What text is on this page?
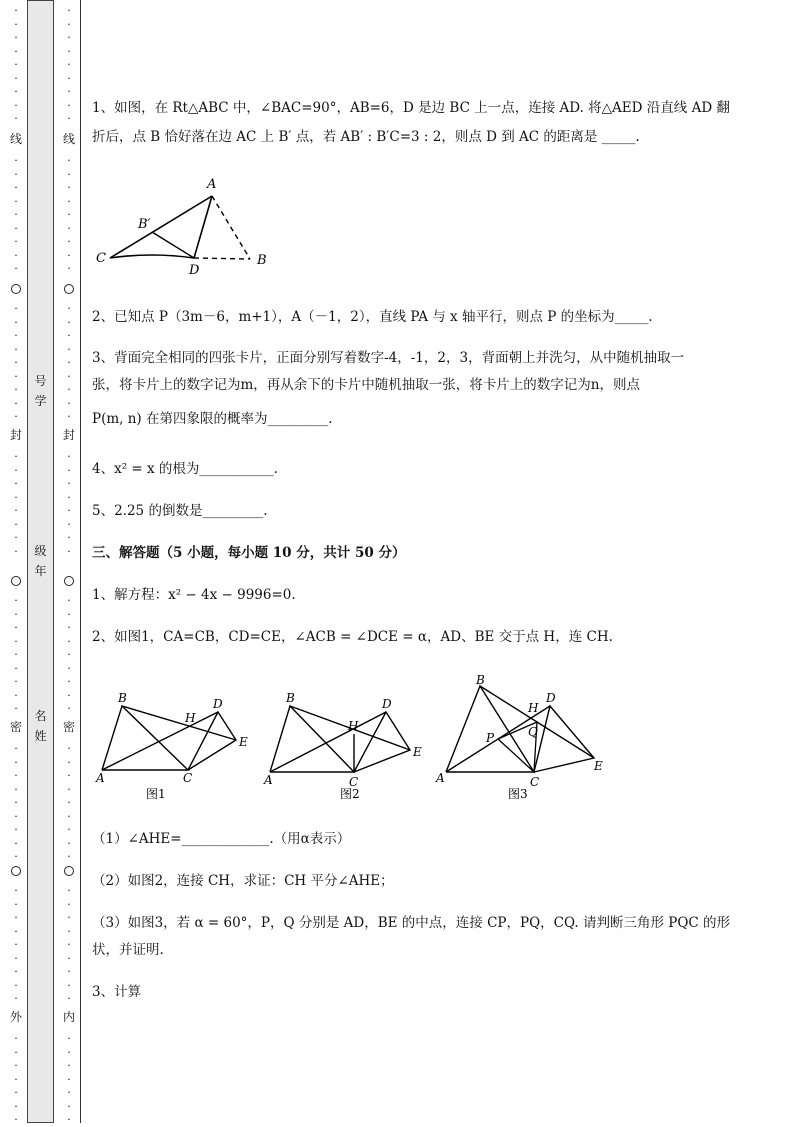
·
·
·
·
·
·
·
·
·
线
·
·
·
·
·
·
·
·
·
·
·
·
·
·
·
·
·
·
封
·
·
·
·
·
·
·
·
·
·
·
·
·
·
·
·
·
密
·
·
·
·
·
·
·
·
·
·
·
·
·
·
·
·
·
·
外
·
·
·
·
·
·
·
号
学
级
年
名
姓
·
·
·
·
·
·
·
·
·
线
·
·
·
·
·
·
·
·
·
·
·
·
·
·
·
·
·
·
封
·
·
·
·
·
·
·
·
·
·
·
·
·
·
·
·
·
密
·
·
·
·
·
·
·
·
·
·
·
·
·
·
·
·
·
·
内
·
·
·
·
·
·
·
1、如图，在 Rt△ABC 中，∠BAC=90°，AB=6，D 是边 BC 上一点，连接 AD. 将△AED 沿直线 AD 翻折后，点 B 恰好落在边 AC 上 B′ 点，若 AB′ : B′C=3 : 2，则点 D 到 AC 的距离是 _____.
A
B′
C
D
B
2、已知点 P（3m－6，m+1），A（－1，2），直线 PA 与 x 轴平行，则点 P 的坐标为_____.
3、背面完全相同的四张卡片，正面分别写着数字-4，-1，2，3，背面朝上并洗匀，从中随机抽取一
张，将卡片上的数字记为m，再从余下的卡片中随机抽取一张，将卡片上的数字记为n，则点
P(m, n) 在第四象限的概率为_________.
4、x² = x 的根为___________.
5、2.25 的倒数是_________.
三、解答题（5 小题，每小题 10 分，共计 50 分）
1、解方程：x² − 4x − 9996=0.
2、如图1，CA=CB，CD=CE，∠ACB = ∠DCE = α，AD、BE 交于点 H，连 CH.
B	D
H
E
A	C
图1
B	D
H
E
A	C
图2
B
D
H
P	Q
E
A	C
图3
（1）∠AHE=_____________.（用α表示）
（2）如图2，连接 CH，求证：CH 平分∠AHE；
（3）如图3，若 α = 60°，P，Q 分别是 AD，BE 的中点，连接 CP，PQ，CQ. 请判断三角形 PQC 的形
状，并证明.
3、计算
